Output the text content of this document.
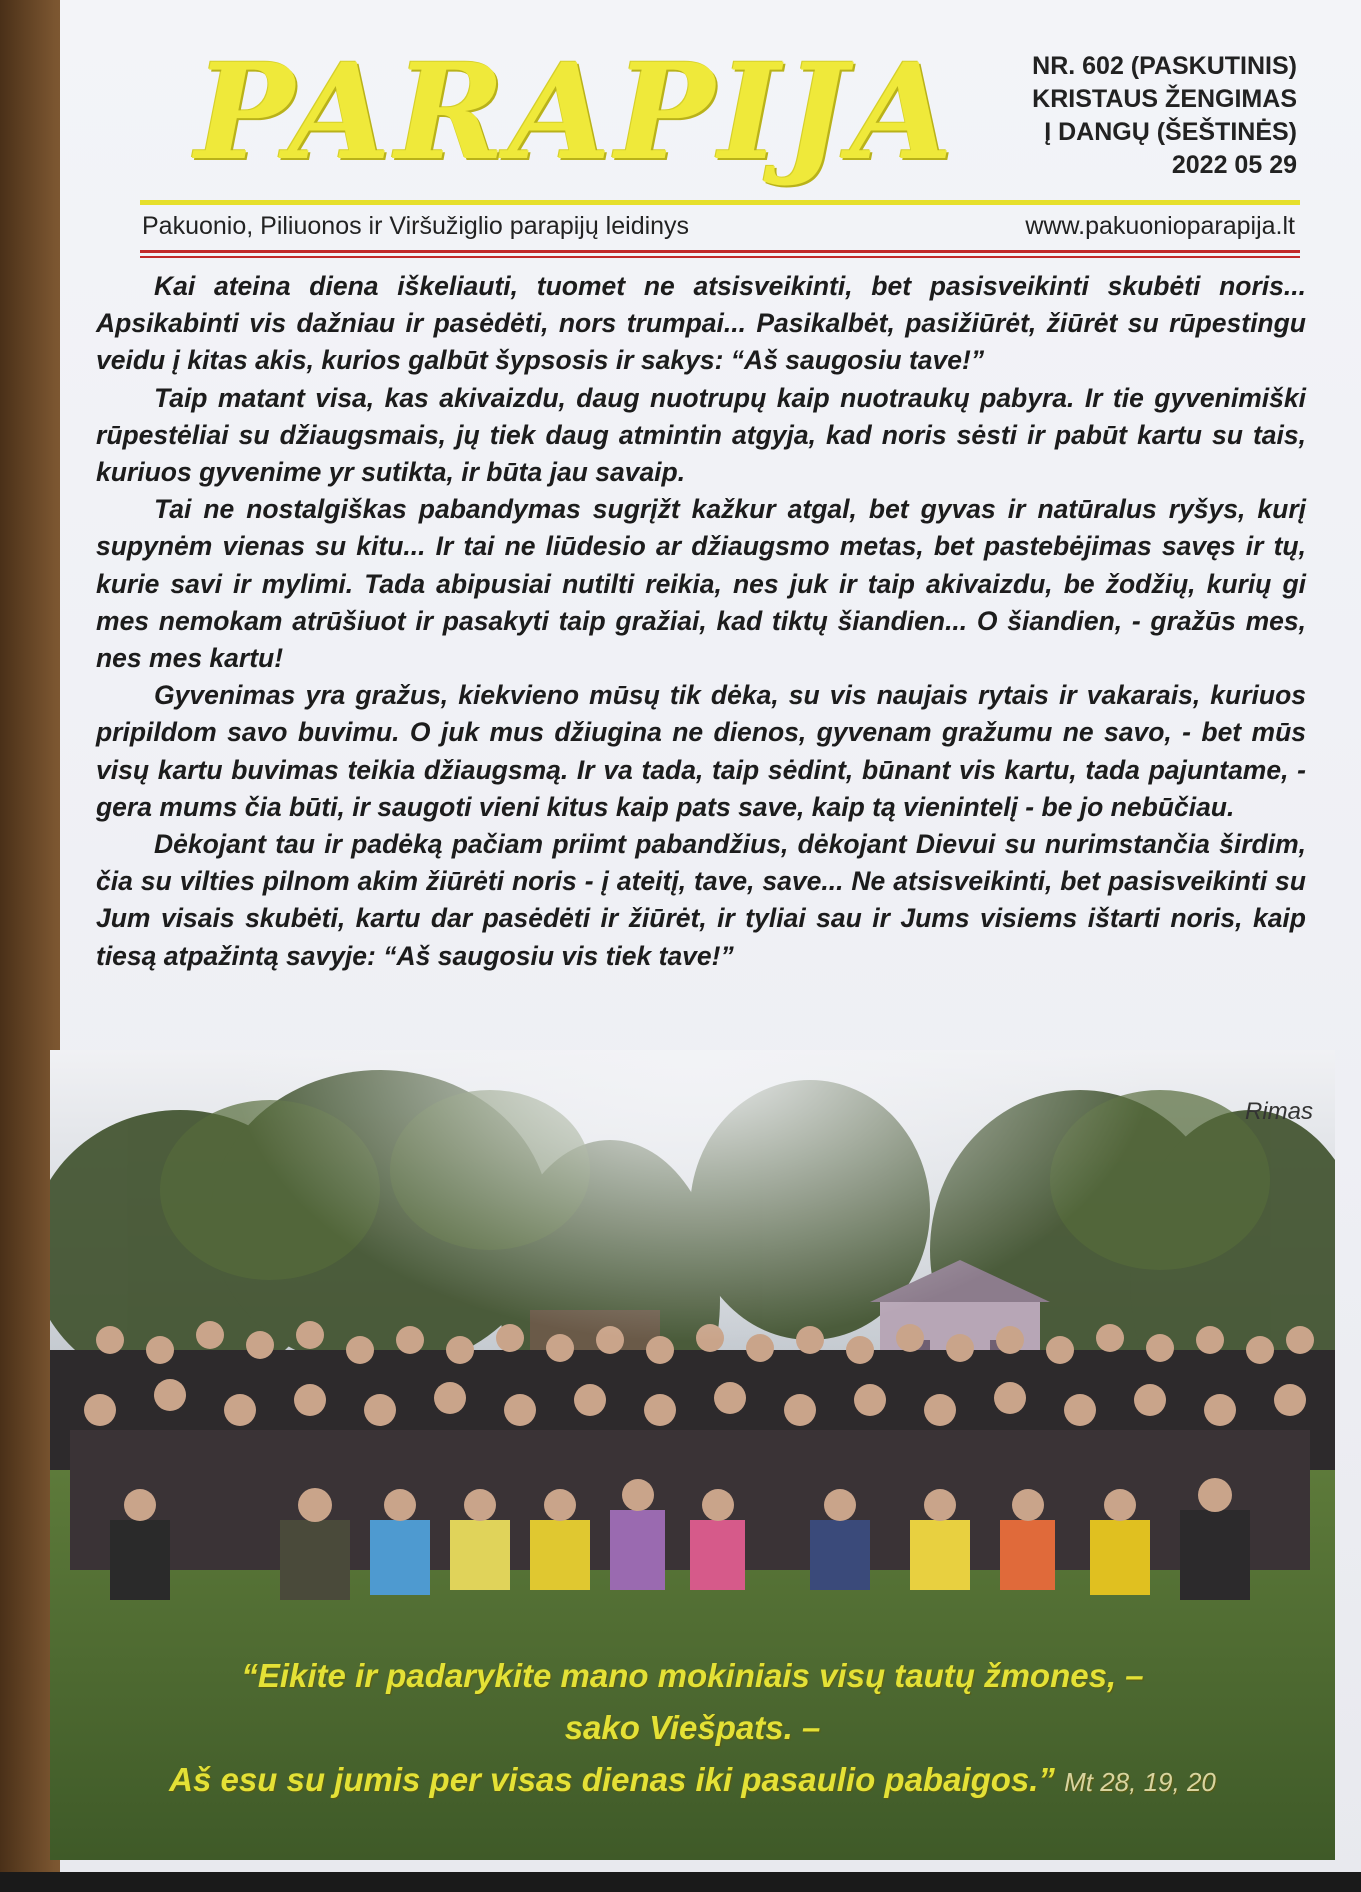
PARAPIJA	NR. 602 (PASKUTINIS)
KRISTAUS ŽENGIMAS
Į DANGŲ (ŠEŠTINĖS)
2022 05 29
Pakuonio, Piliuonos ir Viršužiglio parapijų leidinys	www.pakuonioparapija.lt

Kai ateina diena iškeliauti, tuomet ne atsisveikinti, bet pasisveikinti skubėti noris... Apsikabinti vis dažniau ir pasėdėti, nors trumpai... Pasikalbėt, pasižiūrėt, žiūrėt su rūpestingu veidu į kitas akis, kurios galbūt šypsosis ir sakys: “Aš saugosiu tave!”

Taip matant visa, kas akivaizdu, daug nuotrupų kaip nuotraukų pabyra. Ir tie gyvenimiški rūpestėliai su džiaugsmais, jų tiek daug atmintin atgyja, kad noris sėsti ir pabūt kartu su tais, kuriuos gyvenime yr sutikta, ir būta jau savaip.

Tai ne nostalgiškas pabandymas sugrįžt kažkur atgal, bet gyvas ir natūralus ryšys, kurį supynėm vienas su kitu... Ir tai ne liūdesio ar džiaugsmo metas, bet pastebėjimas savęs ir tų, kurie savi ir mylimi. Tada abipusiai nutilti reikia, nes juk ir taip akivaizdu, be žodžių, kurių gi mes nemokam atrūšiuot ir pasakyti taip gražiai, kad tiktų šiandien... O šiandien, - gražūs mes, nes mes kartu!

Gyvenimas yra gražus, kiekvieno mūsų tik dėka, su vis naujais rytais ir vakarais, kuriuos pripildom savo buvimu. O juk mus džiugina ne dienos, gyvenam gražumu ne savo, - bet mūs visų kartu buvimas teikia džiaugsmą. Ir va tada, taip sėdint, būnant vis kartu, tada pajuntame, - gera mums čia būti, ir saugoti vieni kitus kaip pats save, kaip tą vienintelį - be jo nebūčiau.

Dėkojant tau ir padėką pačiam priimt pabandžius, dėkojant Dievui su nurimstančia širdim, čia su vilties pilnom akim žiūrėti noris - į ateitį, tave, save... Ne atsisveikinti, bet pasisveikinti su Jum visais skubėti, kartu dar pasėdėti ir žiūrėt, ir tyliai sau ir Jums visiems ištarti noris, kaip tiesą atpažintą savyje: “Aš saugosiu vis tiek tave!”

Rimas
“Eikite ir padarykite mano mokiniais visų tautų žmones, –
sako Viešpats. –
Aš esu su jumis per visas dienas iki pasaulio pabaigos.” Mt 28, 19, 20
